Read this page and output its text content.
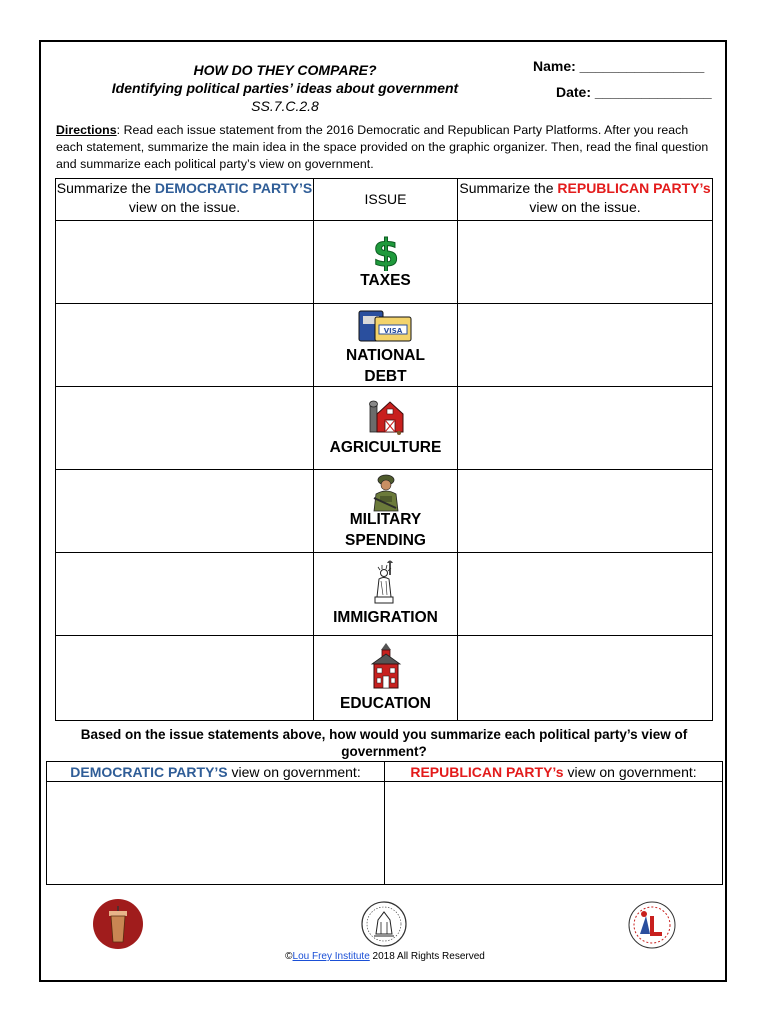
HOW DO THEY COMPARE?
Identifying political parties’ ideas about government
SS.7.C.2.8
Name: ________________
Date: _______________
Directions: Read each issue statement from the 2016 Democratic and Republican Party Platforms. After you reach each statement, summarize the main idea in the space provided on the graphic organizer. Then, read the final question and summarize each political party’s view on government.
Summarize the DEMOCRATIC PARTY’S view on the issue.	ISSUE	Summarize the REPUBLICAN PARTY’s view on the issue.

$
TAXES	

VISA
NATIONAL
DEBT	

	AGRICULTURE	

	MILITARY
SPENDING	

	IMMIGRATION	

	EDUCATION	

Based on the issue statements above, how would you summarize each political party’s view of government?
DEMOCRATIC PARTY’S view on government:	REPUBLICAN PARTY’s view on government:

©Lou Frey Institute 2018 All Rights Reserved
